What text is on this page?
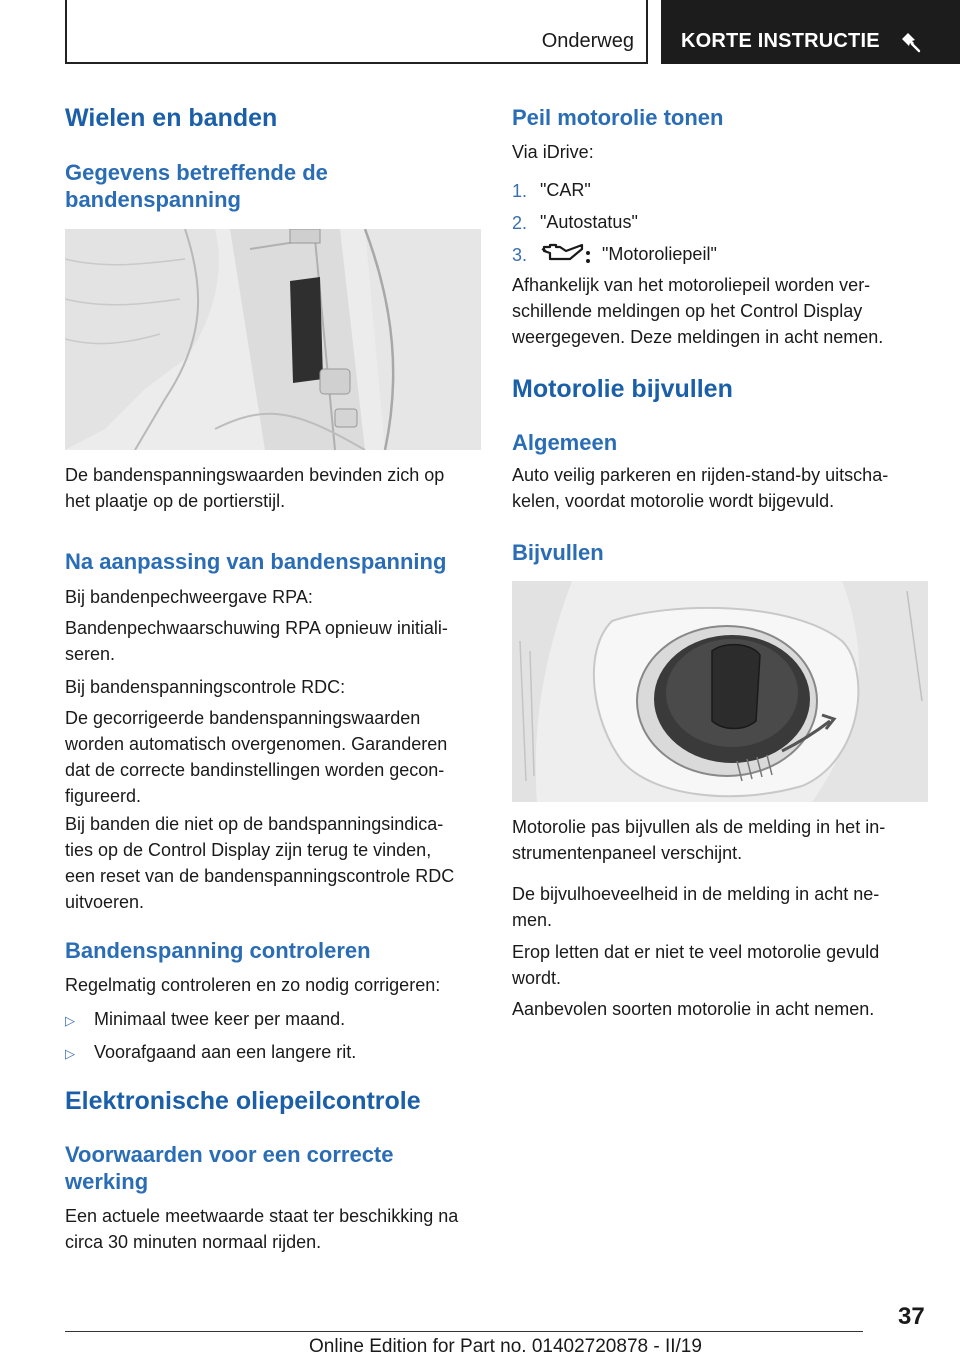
Onderweg KORTE INSTRUCTIE
Wielen en banden
Gegevens betreffende de
bandenspanning
De bandenspanningswaarden bevinden zich op
het plaatje op de portierstijl.
Na aanpassing van bandenspanning
Bij bandenpechweergave RPA:
Bandenpechwaarschuwing RPA opnieuw initiali-
seren.
Bij bandenspanningscontrole RDC:
De gecorrigeerde bandenspanningswaarden
worden automatisch overgenomen. Garanderen
dat de correcte bandinstellingen worden gecon-
figureerd.
Bij banden die niet op de bandspanningsindica-
ties op de Control Display zijn terug te vinden,
een reset van de bandenspanningscontrole RDC
uitvoeren.
Bandenspanning controleren
Regelmatig controleren en zo nodig corrigeren:
▷ Minimaal twee keer per maand.
▷ Voorafgaand aan een langere rit.
Elektronische oliepeilcontrole
Voorwaarden voor een correcte
werking
Een actuele meetwaarde staat ter beschikking na
circa 30 minuten normaal rijden.
Peil motorolie tonen
Via iDrive:
1. "CAR"
2. "Autostatus"
3.	"Motoroliepeil"
Afhankelijk van het motoroliepeil worden ver-
schillende meldingen op het Control Display
weergegeven. Deze meldingen in acht nemen.
Motorolie bijvullen
Algemeen
Auto veilig parkeren en rijden-stand-by uitscha-
kelen, voordat motorolie wordt bijgevuld.
Bijvullen
Motorolie pas bijvullen als de melding in het in-
strumentenpaneel verschijnt.
De bijvulhoeveelheid in de melding in acht ne-
men.
Erop letten dat er niet te veel motorolie gevuld
wordt.
Aanbevolen soorten motorolie in acht nemen.
37
Online Edition for Part no. 01402720878 - II/19
